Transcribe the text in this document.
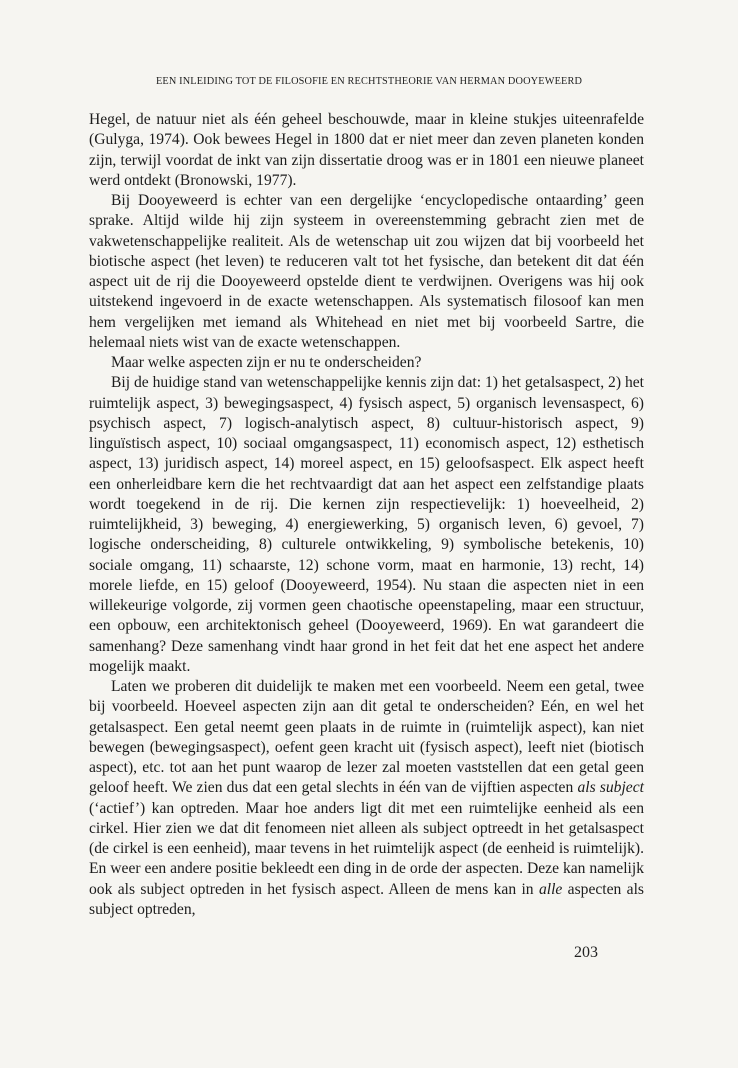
EEN INLEIDING TOT DE FILOSOFIE EN RECHTSTHEORIE VAN HERMAN DOOYEWEERD

Hegel, de natuur niet als één geheel beschouwde, maar in kleine stukjes uiteenrafelde (Gulyga, 1974). Ook bewees Hegel in 1800 dat er niet meer dan zeven planeten konden zijn, terwijl voordat de inkt van zijn dissertatie droog was er in 1801 een nieuwe planeet werd ontdekt (Bronowski, 1977).

Bij Dooyeweerd is echter van een dergelijke ‘encyclopedische ontaarding’ geen sprake. Altijd wilde hij zijn systeem in overeenstemming gebracht zien met de vakwetenschappelijke realiteit. Als de wetenschap uit zou wijzen dat bij voorbeeld het biotische aspect (het leven) te reduceren valt tot het fysische, dan betekent dit dat één aspect uit de rij die Dooyeweerd opstelde dient te verdwijnen. Overigens was hij ook uitstekend ingevoerd in de exacte wetenschappen. Als systematisch filosoof kan men hem vergelijken met iemand als Whitehead en niet met bij voorbeeld Sartre, die helemaal niets wist van de exacte wetenschappen.

Maar welke aspecten zijn er nu te onderscheiden?

Bij de huidige stand van wetenschappelijke kennis zijn dat: 1) het getalsaspect, 2) het ruimtelijk aspect, 3) bewegingsaspect, 4) fysisch aspect, 5) organisch levensaspect, 6) psychisch aspect, 7) logisch-analytisch aspect, 8) cultuur-historisch aspect, 9) linguïstisch aspect, 10) sociaal omgangsaspect, 11) economisch aspect, 12) esthetisch aspect, 13) juridisch aspect, 14) moreel aspect, en 15) geloofsaspect. Elk aspect heeft een onherleidbare kern die het rechtvaardigt dat aan het aspect een zelfstandige plaats wordt toegekend in de rij. Die kernen zijn respectievelijk: 1) hoeveelheid, 2) ruimtelijkheid, 3) beweging, 4) energiewerking, 5) organisch leven, 6) gevoel, 7) logische onderscheiding, 8) culturele ontwikkeling, 9) symbolische betekenis, 10) sociale omgang, 11) schaarste, 12) schone vorm, maat en harmonie, 13) recht, 14) morele liefde, en 15) geloof (Dooyeweerd, 1954). Nu staan die aspecten niet in een willekeurige volgorde, zij vormen geen chaotische opeenstapeling, maar een structuur, een opbouw, een architektonisch geheel (Dooyeweerd, 1969). En wat garandeert die samenhang? Deze samenhang vindt haar grond in het feit dat het ene aspect het andere mogelijk maakt.

Laten we proberen dit duidelijk te maken met een voorbeeld. Neem een getal, twee bij voorbeeld. Hoeveel aspecten zijn aan dit getal te onderscheiden? Eén, en wel het getalsaspect. Een getal neemt geen plaats in de ruimte in (ruimtelijk aspect), kan niet bewegen (bewegingsaspect), oefent geen kracht uit (fysisch aspect), leeft niet (biotisch aspect), etc. tot aan het punt waarop de lezer zal moeten vaststellen dat een getal geen geloof heeft. We zien dus dat een getal slechts in één van de vijftien aspecten als subject (‘actief’) kan optreden. Maar hoe anders ligt dit met een ruimtelijke eenheid als een cirkel. Hier zien we dat dit fenomeen niet alleen als subject optreedt in het getalsaspect (de cirkel is een eenheid), maar tevens in het ruimtelijk aspect (de eenheid is ruimtelijk). En weer een andere positie bekleedt een ding in de orde der aspecten. Deze kan namelijk ook als subject optreden in het fysisch aspect. Alleen de mens kan in alle aspecten als subject optreden,

203
